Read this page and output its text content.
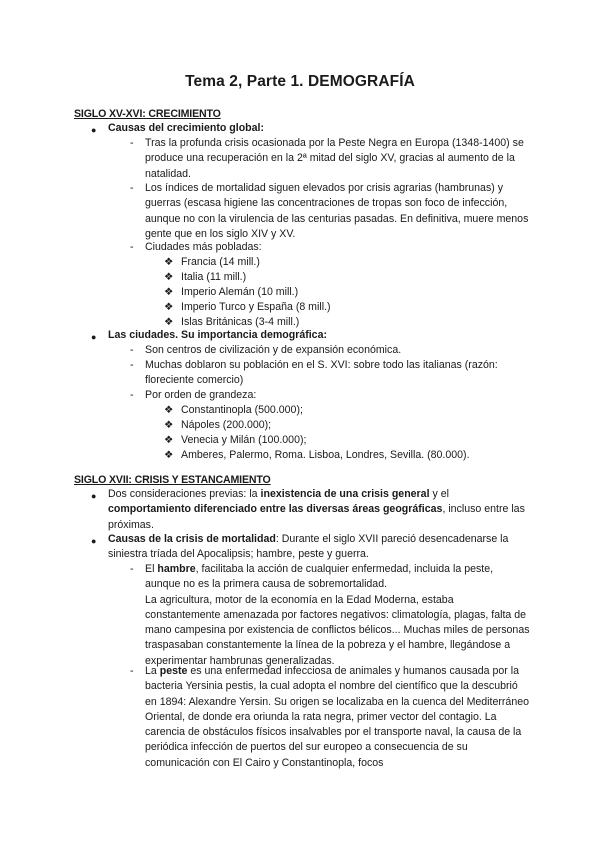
Tema 2, Parte 1. DEMOGRAFÍA

SIGLO XV-XVI: CRECIMIENTO

● Causas del crecimiento global:

- Tras la profunda crisis ocasionada por la Peste Negra en Europa (1348-1400) se produce una recuperación en la 2ª mitad del siglo XV, gracias al aumento de la natalidad.

- Los índices de mortalidad siguen elevados por crisis agrarias (hambrunas) y guerras (escasa higiene las concentraciones de tropas son foco de infección, aunque no con la virulencia de las centurias pasadas. En definitiva, muere menos gente que en los siglo XIV y XV.

- Ciudades más pobladas:

❖ Francia (14 mill.)

❖ Italia (11 mill.)

❖ Imperio Alemán (10 mill.)

❖ Imperio Turco y España (8 mill.)

❖ Islas Británicas (3-4 mill.)

● Las ciudades. Su importancia demográfica:

- Son centros de civilización y de expansión económica.

- Muchas doblaron su población en el S. XVI: sobre todo las italianas (razón: floreciente comercio)

- Por orden de grandeza:

❖ Constantinopla (500.000);

❖ Nápoles (200.000);

❖ Venecia y Milán (100.000);

❖ Amberes, Palermo, Roma. Lisboa, Londres, Sevilla. (80.000).

SIGLO XVII: CRISIS Y ESTANCAMIENTO

● Dos consideraciones previas: la inexistencia de una crisis general y el comportamiento diferenciado entre las diversas áreas geográficas, incluso entre las próximas.

● Causas de la crisis de mortalidad: Durante el siglo XVII pareció desencadenarse la siniestra tríada del Apocalipsis; hambre, peste y guerra.

- El hambre, facilitaba la acción de cualquier enfermedad, incluida la peste, aunque no es la primera causa de sobremortalidad.

La agricultura, motor de la economía en la Edad Moderna, estaba constantemente amenazada por factores negativos: climatología, plagas, falta de mano campesina por existencia de conflictos bélicos... Muchas miles de personas traspasaban constantemente la línea de la pobreza y el hambre, llegándose a experimentar hambrunas generalizadas.

- La peste es una enfermedad infecciosa de animales y humanos causada por la bacteria Yersinia pestis, la cual adopta el nombre del científico que la descubrió en 1894: Alexandre Yersin. Su origen se localizaba en la cuenca del Mediterráneo Oriental, de donde era oriunda la rata negra, primer vector del contagio. La carencia de obstáculos físicos insalvables por el transporte naval, la causa de la periódica infección de puertos del sur europeo a consecuencia de su comunicación con El Cairo y Constantinopla, focos
